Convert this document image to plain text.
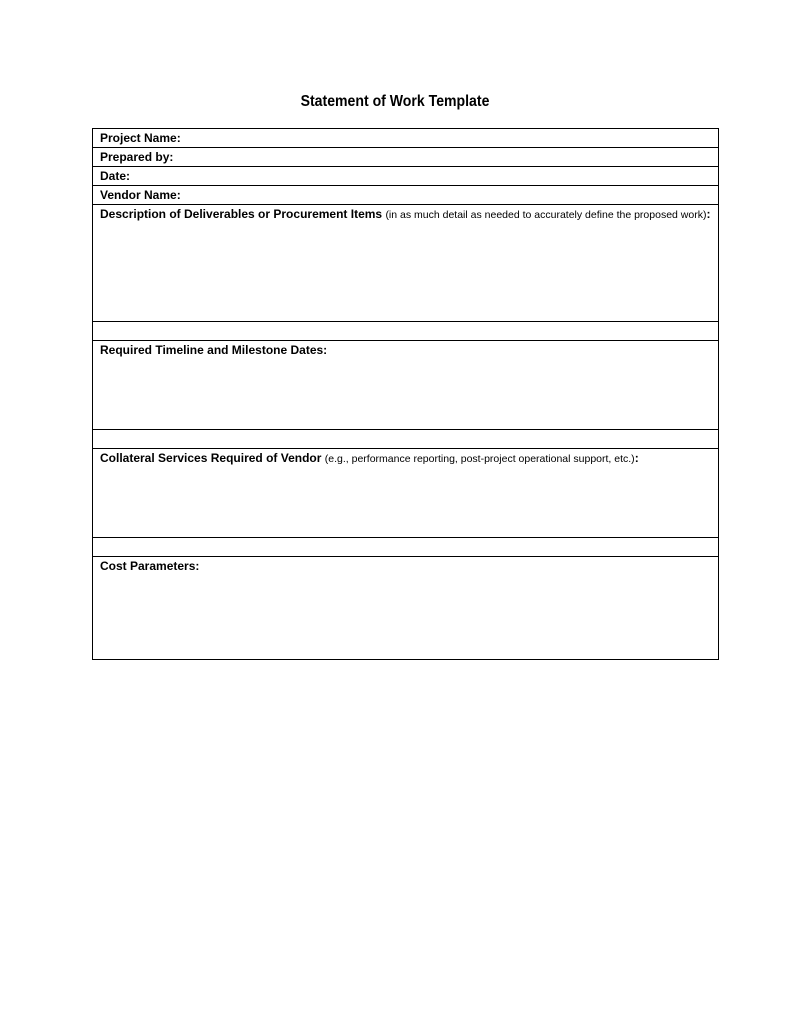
Statement of Work Template
Project Name:
Prepared by:
Date:
Vendor Name:
Description of Deliverables or Procurement Items (in as much detail as needed to accurately define the proposed work):
Required Timeline and Milestone Dates:
Collateral Services Required of Vendor (e.g., performance reporting, post-project operational support, etc.):
Cost Parameters:
